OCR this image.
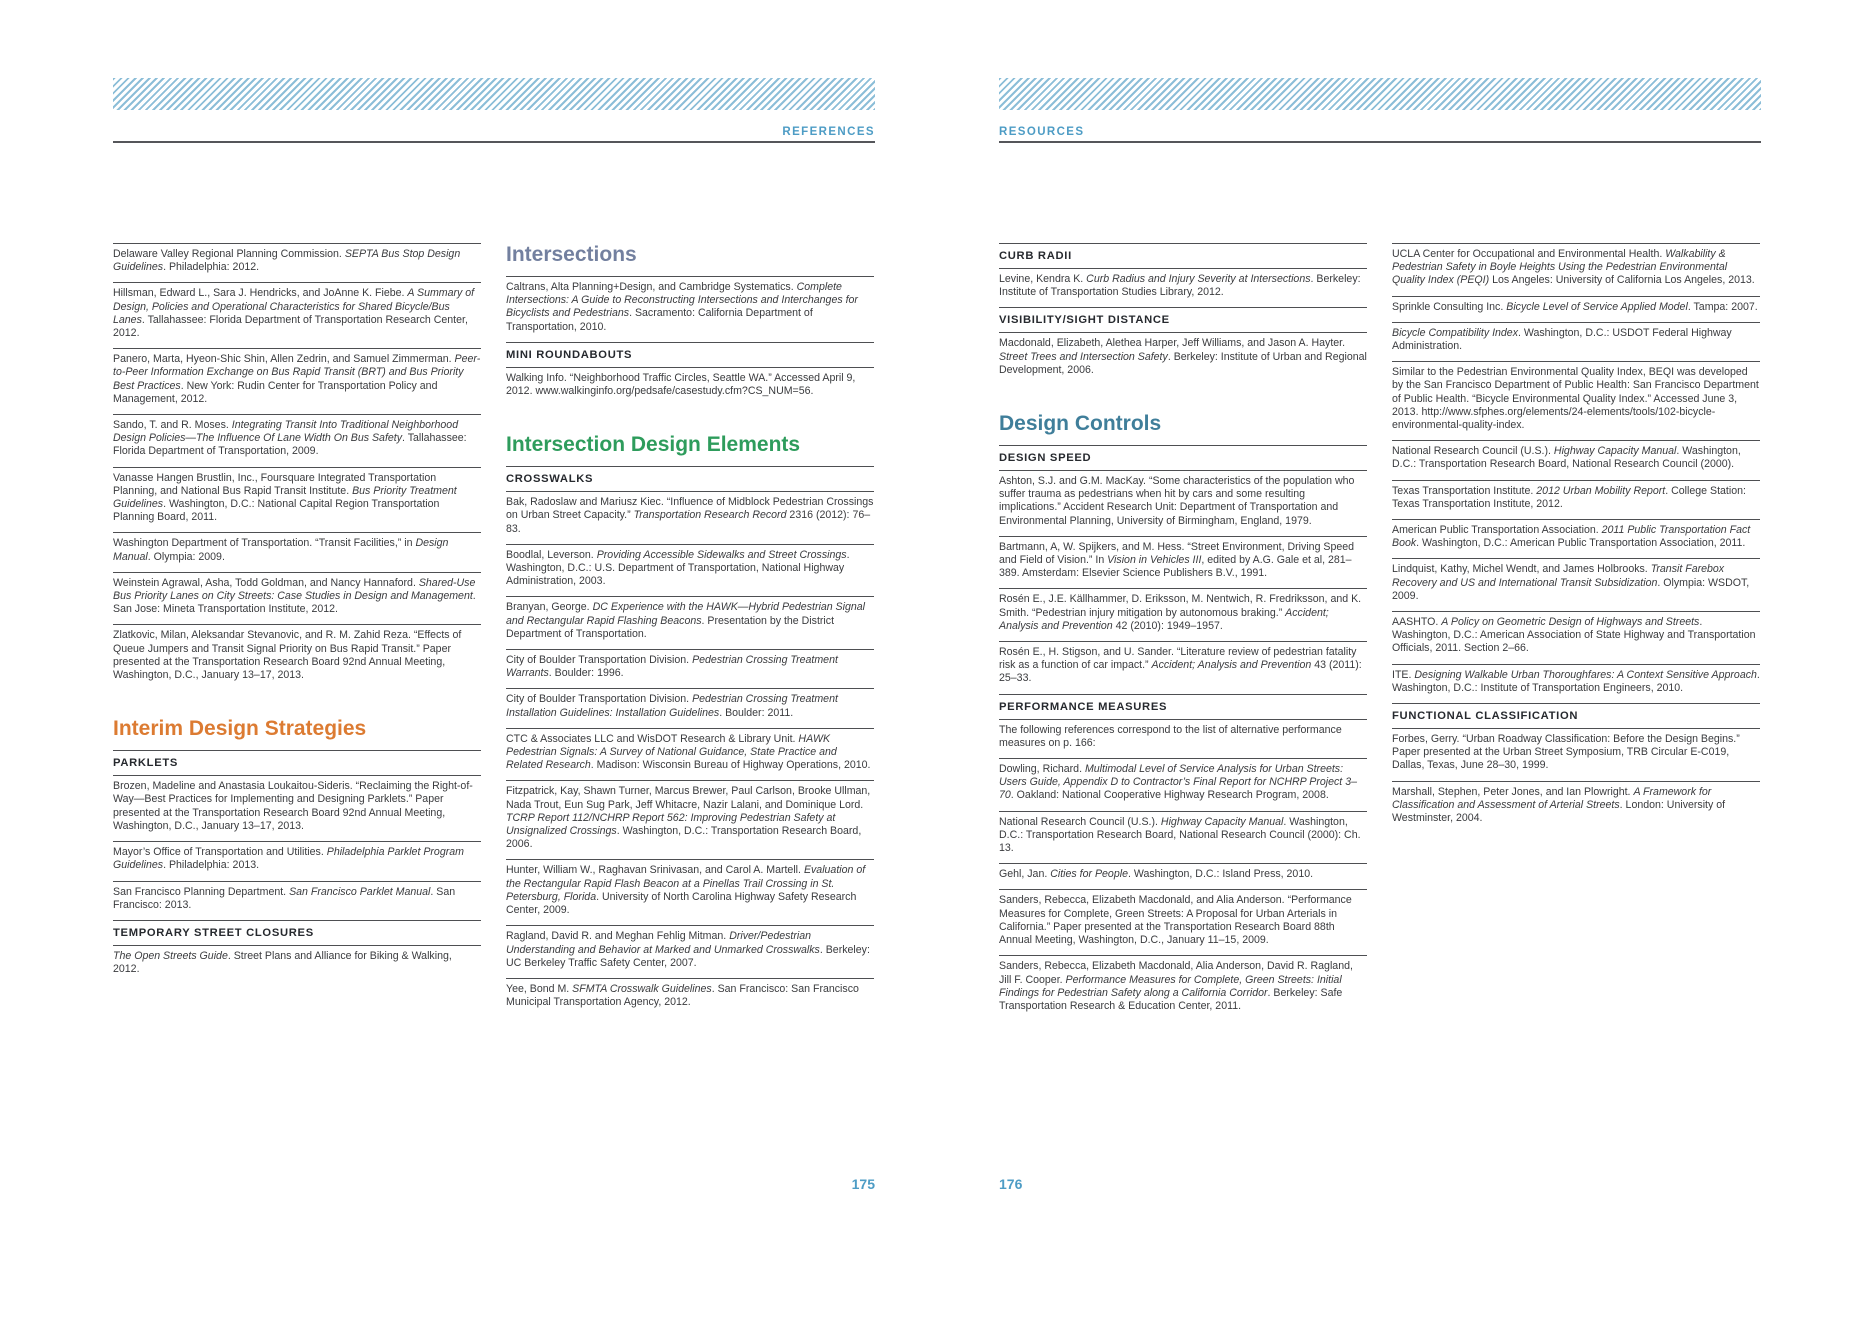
REFERENCES

Delaware Valley Regional Planning Commission. SEPTA Bus Stop Design Guidelines. Philadelphia: 2012.

Hillsman, Edward L., Sara J. Hendricks, and JoAnne K. Fiebe. A Summary of Design, Policies and Operational Characteristics for Shared Bicycle/Bus Lanes. Tallahassee: Florida Department of Transportation Research Center, 2012.

Panero, Marta, Hyeon-Shic Shin, Allen Zedrin, and Samuel Zimmerman. Peer-to-Peer Information Exchange on Bus Rapid Transit (BRT) and Bus Priority Best Practices. New York: Rudin Center for Transportation Policy and Management, 2012.

Sando, T. and R. Moses. Integrating Transit Into Traditional Neighborhood Design Policies—The Influence Of Lane Width On Bus Safety. Tallahassee: Florida Department of Transportation, 2009.

Vanasse Hangen Brustlin, Inc., Foursquare Integrated Transportation Planning, and National Bus Rapid Transit Institute. Bus Priority Treatment Guidelines. Washington, D.C.: National Capital Region Transportation Planning Board, 2011.

Washington Department of Transportation. “Transit Facilities,” in Design Manual. Olympia: 2009.

Weinstein Agrawal, Asha, Todd Goldman, and Nancy Hannaford. Shared-Use Bus Priority Lanes on City Streets: Case Studies in Design and Management. San Jose: Mineta Transportation Institute, 2012.

Zlatkovic, Milan, Aleksandar Stevanovic, and R. M. Zahid Reza. “Effects of Queue Jumpers and Transit Signal Priority on Bus Rapid Transit.” Paper presented at the Transportation Research Board 92nd Annual Meeting, Washington, D.C., January 13–17, 2013.

Interim Design Strategies
PARKLETS

Brozen, Madeline and Anastasia Loukaitou-Sideris. “Reclaiming the Right-of-Way—Best Practices for Implementing and Designing Parklets.” Paper presented at the Transportation Research Board 92nd Annual Meeting, Washington, D.C., January 13–17, 2013.

Mayor’s Office of Transportation and Utilities. Philadelphia Parklet Program Guidelines. Philadelphia: 2013.

San Francisco Planning Department. San Francisco Parklet Manual. San Francisco: 2013.

TEMPORARY STREET CLOSURES

The Open Streets Guide. Street Plans and Alliance for Biking & Walking, 2012.

Intersections

Caltrans, Alta Planning+Design, and Cambridge Systematics. Complete Intersections: A Guide to Reconstructing Intersections and Interchanges for Bicyclists and Pedestrians. Sacramento: California Department of Transportation, 2010.

MINI ROUNDABOUTS

Walking Info. “Neighborhood Traffic Circles, Seattle WA.” Accessed April 9, 2012. www.walkinginfo.org/pedsafe/casestudy.cfm?CS_NUM=56.

Intersection Design Elements
CROSSWALKS

Bak, Radoslaw and Mariusz Kiec. “Influence of Midblock Pedestrian Crossings on Urban Street Capacity.” Transportation Research Record 2316 (2012): 76–83.

Boodlal, Leverson. Providing Accessible Sidewalks and Street Crossings. Washington, D.C.: U.S. Department of Transportation, National Highway Administration, 2003.

Branyan, George. DC Experience with the HAWK—Hybrid Pedestrian Signal and Rectangular Rapid Flashing Beacons. Presentation by the District Department of Transportation.

City of Boulder Transportation Division. Pedestrian Crossing Treatment Warrants. Boulder: 1996.

City of Boulder Transportation Division. Pedestrian Crossing Treatment Installation Guidelines: Installation Guidelines. Boulder: 2011.

CTC & Associates LLC and WisDOT Research & Library Unit. HAWK Pedestrian Signals: A Survey of National Guidance, State Practice and Related Research. Madison: Wisconsin Bureau of Highway Operations, 2010.

Fitzpatrick, Kay, Shawn Turner, Marcus Brewer, Paul Carlson, Brooke Ullman, Nada Trout, Eun Sug Park, Jeff Whitacre, Nazir Lalani, and Dominique Lord. TCRP Report 112/NCHRP Report 562: Improving Pedestrian Safety at Unsignalized Crossings. Washington, D.C.: Transportation Research Board, 2006.

Hunter, William W., Raghavan Srinivasan, and Carol A. Martell. Evaluation of the Rectangular Rapid Flash Beacon at a Pinellas Trail Crossing in St. Petersburg, Florida. University of North Carolina Highway Safety Research Center, 2009.

Ragland, David R. and Meghan Fehlig Mitman. Driver/Pedestrian Understanding and Behavior at Marked and Unmarked Crosswalks. Berkeley: UC Berkeley Traffic Safety Center, 2007.

Yee, Bond M. SFMTA Crosswalk Guidelines. San Francisco: San Francisco Municipal Transportation Agency, 2012.

175
RESOURCES
CURB RADII

Levine, Kendra K. Curb Radius and Injury Severity at Intersections. Berkeley: Institute of Transportation Studies Library, 2012.

VISIBILITY/SIGHT DISTANCE

Macdonald, Elizabeth, Alethea Harper, Jeff Williams, and Jason A. Hayter. Street Trees and Intersection Safety. Berkeley: Institute of Urban and Regional Development, 2006.

Design Controls
DESIGN SPEED

Ashton, S.J. and G.M. MacKay. “Some characteristics of the population who suffer trauma as pedestrians when hit by cars and some resulting implications.” Accident Research Unit: Department of Transportation and Environmental Planning, University of Birmingham, England, 1979.

Bartmann, A, W. Spijkers, and M. Hess. “Street Environment, Driving Speed and Field of Vision.” In Vision in Vehicles III, edited by A.G. Gale et al, 281–389. Amsterdam: Elsevier Science Publishers B.V., 1991.

Rosén E., J.E. Källhammer, D. Eriksson, M. Nentwich, R. Fredriksson, and K. Smith. “Pedestrian injury mitigation by autonomous braking.” Accident; Analysis and Prevention 42 (2010): 1949–1957.

Rosén E., H. Stigson, and U. Sander. “Literature review of pedestrian fatality risk as a function of car impact.” Accident; Analysis and Prevention 43 (2011): 25–33.

PERFORMANCE MEASURES

The following references correspond to the list of alternative performance measures on p. 166:

Dowling, Richard. Multimodal Level of Service Analysis for Urban Streets: Users Guide, Appendix D to Contractor’s Final Report for NCHRP Project 3–70. Oakland: National Cooperative Highway Research Program, 2008.

National Research Council (U.S.). Highway Capacity Manual. Washington, D.C.: Transportation Research Board, National Research Council (2000): Ch. 13.

Gehl, Jan. Cities for People. Washington, D.C.: Island Press, 2010.

Sanders, Rebecca, Elizabeth Macdonald, and Alia Anderson. “Performance Measures for Complete, Green Streets: A Proposal for Urban Arterials in California.” Paper presented at the Transportation Research Board 88th Annual Meeting, Washington, D.C., January 11–15, 2009.

Sanders, Rebecca, Elizabeth Macdonald, Alia Anderson, David R. Ragland, Jill F. Cooper. Performance Measures for Complete, Green Streets: Initial Findings for Pedestrian Safety along a California Corridor. Berkeley: Safe Transportation Research & Education Center, 2011.

UCLA Center for Occupational and Environmental Health. Walkability & Pedestrian Safety in Boyle Heights Using the Pedestrian Environmental Quality Index (PEQI) Los Angeles: University of California Los Angeles, 2013.

Sprinkle Consulting Inc. Bicycle Level of Service Applied Model. Tampa: 2007.

Bicycle Compatibility Index. Washington, D.C.: USDOT Federal Highway Administration.

Similar to the Pedestrian Environmental Quality Index, BEQI was developed by the San Francisco Department of Public Health: San Francisco Department of Public Health. “Bicycle Environmental Quality Index.” Accessed June 3, 2013. http://www.sfphes.org/elements/24-elements/tools/102-bicycle-environmental-quality-index.

National Research Council (U.S.). Highway Capacity Manual. Washington, D.C.: Transportation Research Board, National Research Council (2000).

Texas Transportation Institute. 2012 Urban Mobility Report. College Station: Texas Transportation Institute, 2012.

American Public Transportation Association. 2011 Public Transportation Fact Book. Washington, D.C.: American Public Transportation Association, 2011.

Lindquist, Kathy, Michel Wendt, and James Holbrooks. Transit Farebox Recovery and US and International Transit Subsidization. Olympia: WSDOT, 2009.

AASHTO. A Policy on Geometric Design of Highways and Streets. Washington, D.C.: American Association of State Highway and Transportation Officials, 2011. Section 2–66.

ITE. Designing Walkable Urban Thoroughfares: A Context Sensitive Approach. Washington, D.C.: Institute of Transportation Engineers, 2010.

FUNCTIONAL CLASSIFICATION

Forbes, Gerry. “Urban Roadway Classification: Before the Design Begins.” Paper presented at the Urban Street Symposium, TRB Circular E-C019, Dallas, Texas, June 28–30, 1999.

Marshall, Stephen, Peter Jones, and Ian Plowright. A Framework for Classification and Assessment of Arterial Streets. London: University of Westminster, 2004.

176
